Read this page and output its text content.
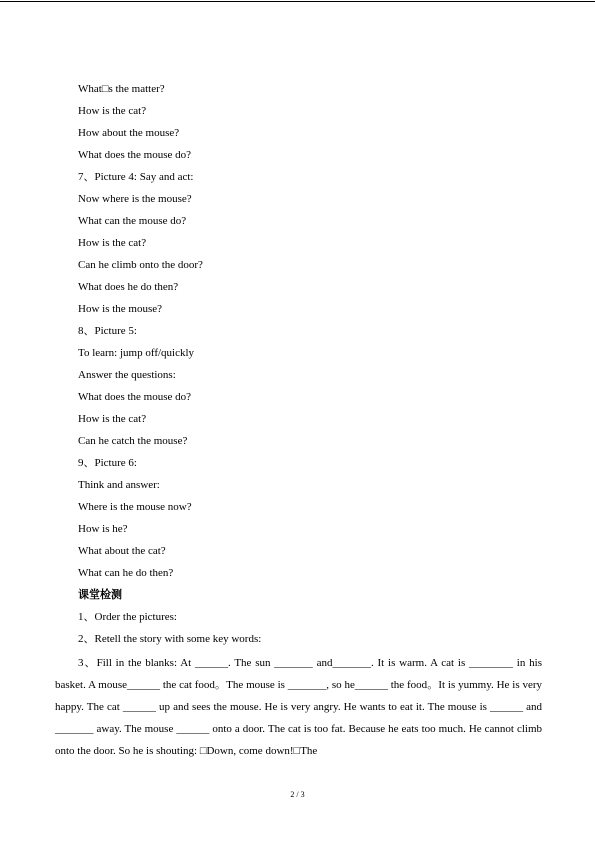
What□s the matter?
How is the cat?
How about the mouse?
What does the mouse do?
7、Picture 4: Say and act:
Now where is the mouse?
What can the mouse do?
How is the cat?
Can he climb onto the door?
What does he do then?
How is the mouse?
8、Picture 5:
To learn: jump off/quickly
Answer the questions:
What does the mouse do?
How is the cat?
Can he catch the mouse?
9、Picture 6:
Think and answer:
Where is the mouse now?
How is he?
What about the cat?
What can he do then?
课堂检测
1、Order the pictures:
2、Retell the story with some key words:
3、Fill in the blanks: At ______. The sun _______ and_______. It is warm. A cat is ________ in his basket. A mouse______ the cat food。The mouse is _______, so he______ the food。It is yummy. He is very happy. The cat ______ up and sees the mouse. He is very angry. He wants to eat it. The mouse is ______ and _______ away. The mouse ______ onto a door. The cat is too fat. Because he eats too much. He cannot climb onto the door. So he is shouting: □Down, come down!□The
2 / 3
